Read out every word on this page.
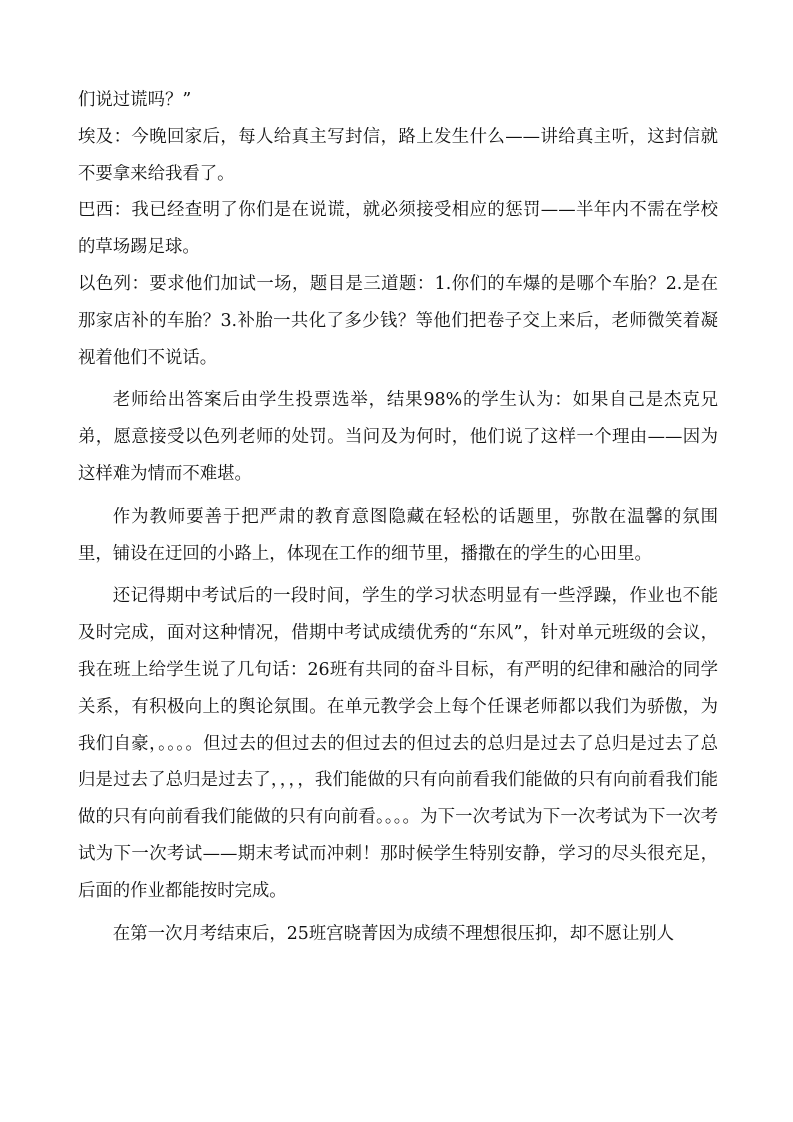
们说过谎吗？”

埃及：今晚回家后，每人给真主写封信，路上发生什么——讲给真主听，这封信就不要拿来给我看了。

巴西：我已经查明了你们是在说谎，就必须接受相应的惩罚——半年内不需在学校的草场踢足球。

以色列：要求他们加试一场，题目是三道题：1.你们的车爆的是哪个车胎？2.是在那家店补的车胎？3.补胎一共化了多少钱？等他们把卷子交上来后，老师微笑着凝视着他们不说话。

老师给出答案后由学生投票选举，结果98%的学生认为：如果自己是杰克兄弟，愿意接受以色列老师的处罚。当问及为何时，他们说了这样一个理由——因为这样难为情而不难堪。

作为教师要善于把严肃的教育意图隐藏在轻松的话题里，弥散在温馨的氛围里，铺设在迂回的小路上，体现在工作的细节里，播撒在的学生的心田里。

还记得期中考试后的一段时间，学生的学习状态明显有一些浮躁，作业也不能及时完成，面对这种情况，借期中考试成绩优秀的“东风”，针对单元班级的会议，我在班上给学生说了几句话：26班有共同的奋斗目标，有严明的纪律和融洽的同学关系，有积极向上的舆论氛围。在单元教学会上每个任课老师都以我们为骄傲，为我们自豪，。。。。但过去的但过去的但过去的但过去的总归是过去了总归是过去了总归是过去了总归是过去了，，，，我们能做的只有向前看我们能做的只有向前看我们能做的只有向前看我们能做的只有向前看。。。。为下一次考试为下一次考试为下一次考试为下一次考试——期末考试而冲刺！那时候学生特别安静，学习的尽头很充足，后面的作业都能按时完成。

在第一次月考结束后，25班宫晓菁因为成绩不理想很压抑，却不愿让别人
